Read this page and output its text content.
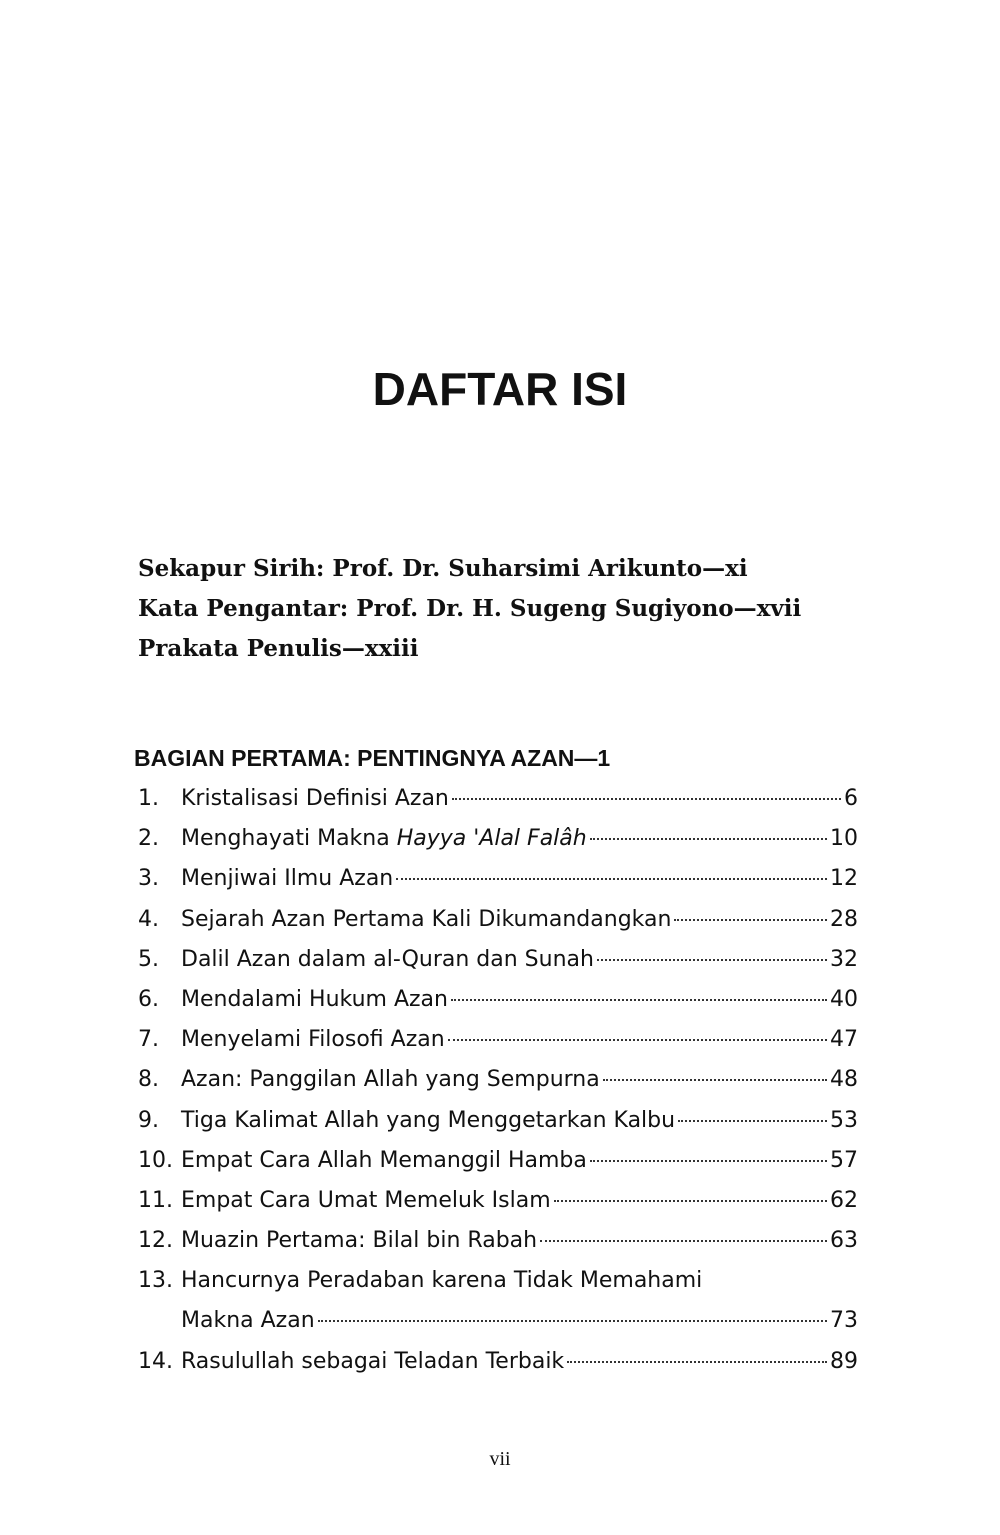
DAFTAR ISI
Sekapur Sirih: Prof. Dr. Suharsimi Arikunto—xi
Kata Pengantar: Prof. Dr. H. Sugeng Sugiyono—xvii
Prakata Penulis—xxiii
BAGIAN PERTAMA: PENTINGNYA AZAN—1
1.	Kristalisasi Definisi Azan	6
2.	Menghayati Makna Hayya 'Alal Falâh	10
3.	Menjiwai Ilmu Azan	12
4.	Sejarah Azan Pertama Kali Dikumandangkan	28
5.	Dalil Azan dalam al-Quran dan Sunah	32
6.	Mendalami Hukum Azan	40
7.	Menyelami Filosofi Azan	47
8.	Azan: Panggilan Allah yang Sempurna	48
9.	Tiga Kalimat Allah yang Menggetarkan Kalbu	53
10. Empat Cara Allah Memanggil Hamba	57
11. Empat Cara Umat Memeluk Islam	62
12. Muazin Pertama: Bilal bin Rabah	63
13. Hancurnya Peradaban karena Tidak Memahami
Makna Azan	73
14. Rasulullah sebagai Teladan Terbaik	89
vii
